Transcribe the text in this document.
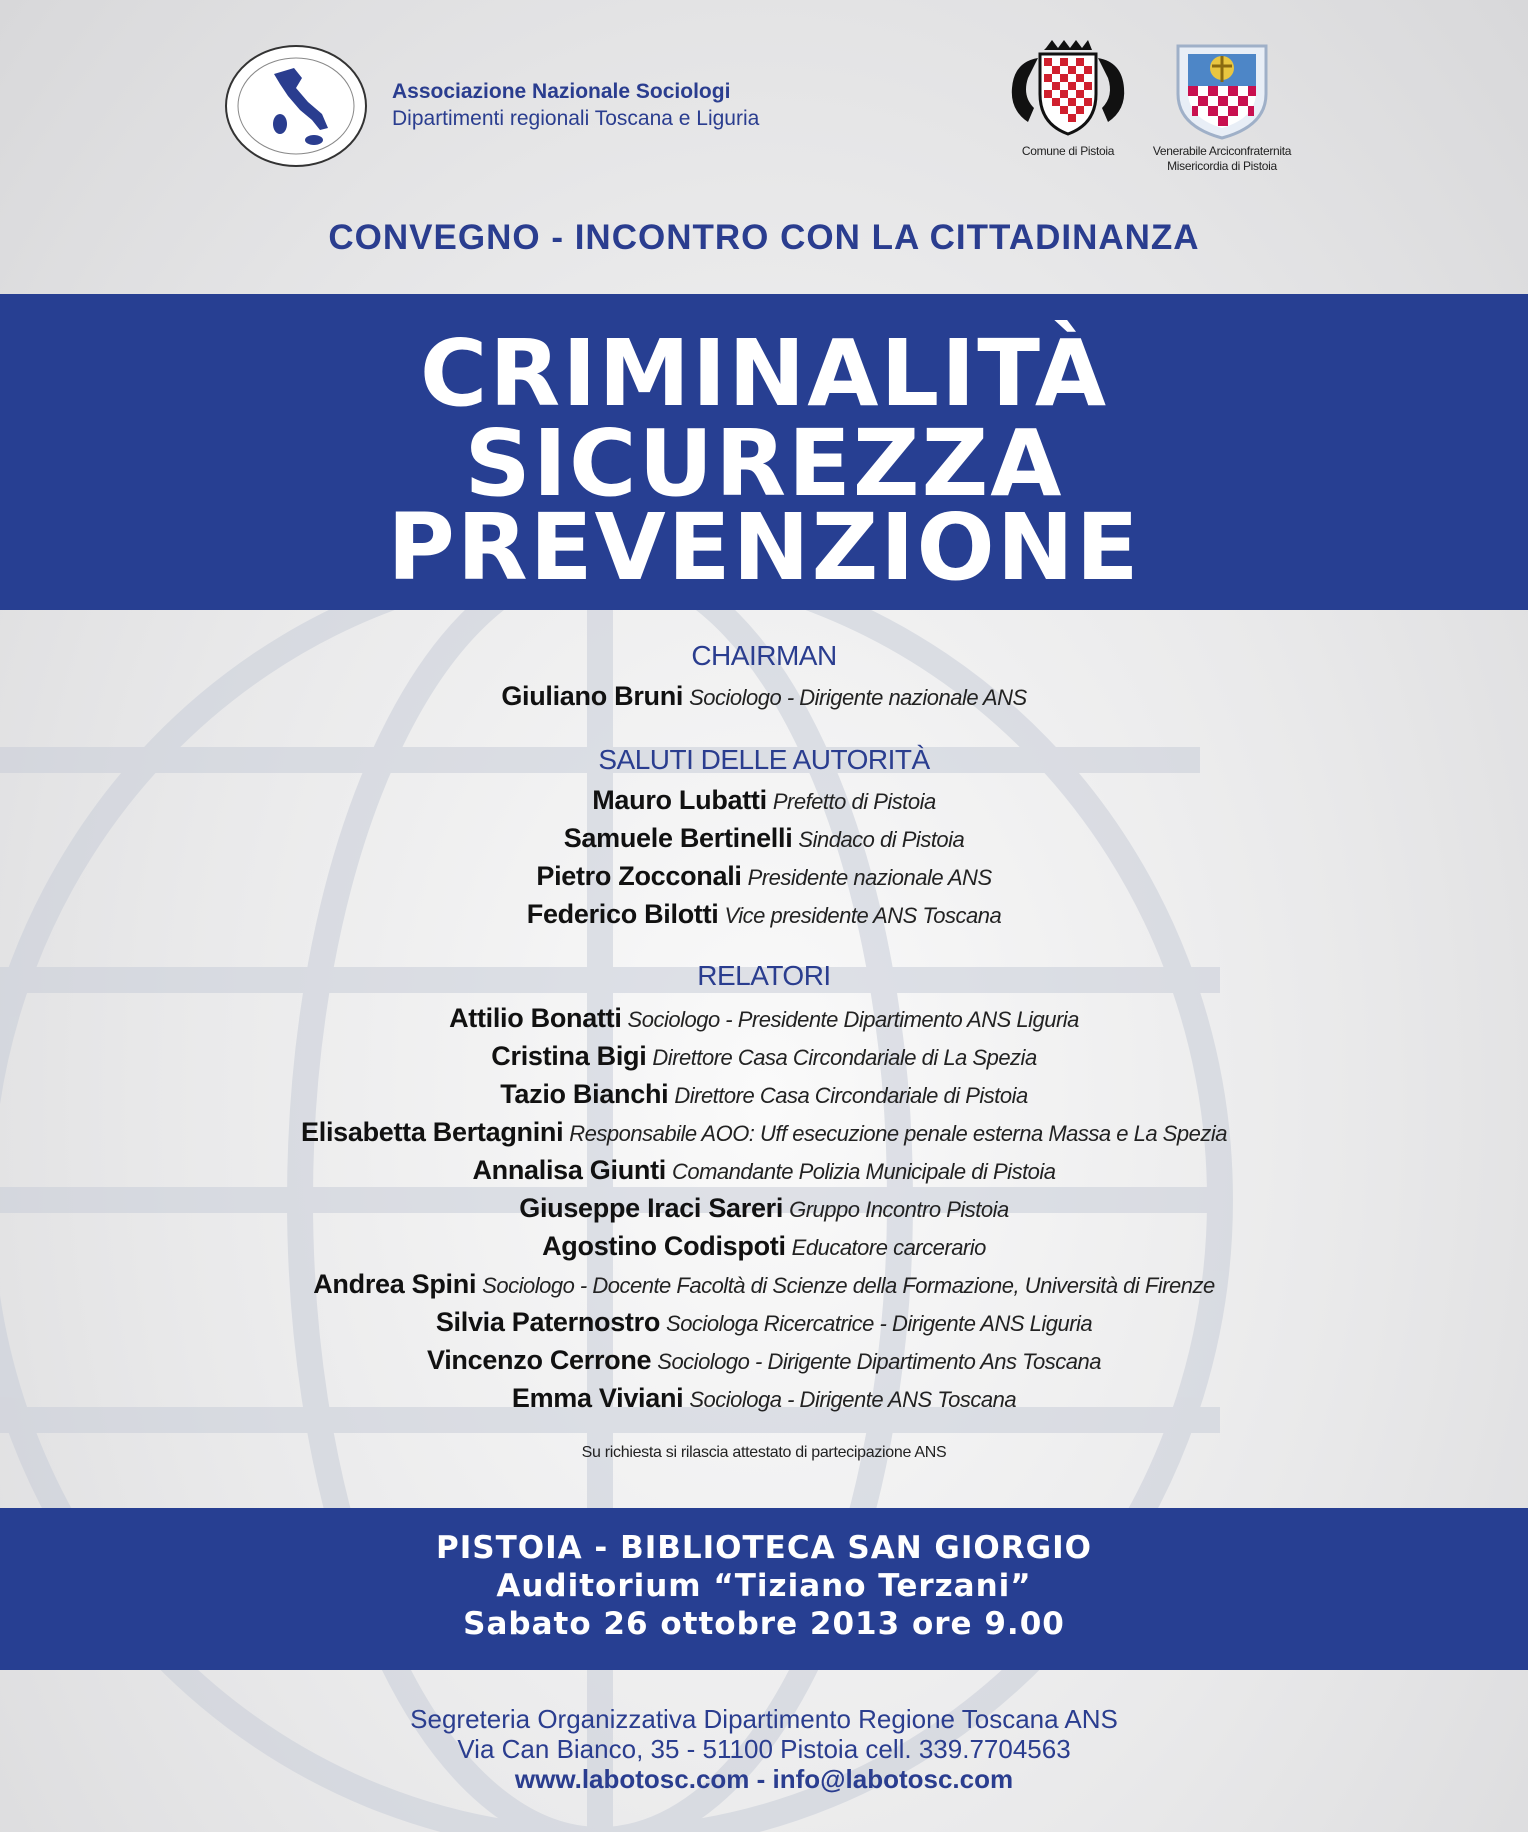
Associazione Nazionale Sociologi
Dipartimenti regionali Toscana e Liguria
Comune di Pistoia	Venerabile Arciconfraternita
Misericordia di Pistoia
CONVEGNO - INCONTRO CON LA CITTADINANZA
CRIMINALITÀ
SICUREZZA
PREVENZIONE
CHAIRMAN
Giuliano Bruni Sociologo - Dirigente nazionale ANS
SALUTI DELLE AUTORITÀ
Mauro Lubatti Prefetto di Pistoia
Samuele Bertinelli Sindaco di Pistoia
Pietro Zocconali Presidente nazionale ANS
Federico Bilotti Vice presidente ANS Toscana
RELATORI
Attilio Bonatti Sociologo - Presidente Dipartimento ANS Liguria
Cristina Bigi Direttore Casa Circondariale di La Spezia
Tazio Bianchi Direttore Casa Circondariale di Pistoia
Elisabetta Bertagnini Responsabile AOO: Uff esecuzione penale esterna Massa e La Spezia
Annalisa Giunti Comandante Polizia Municipale di Pistoia
Giuseppe Iraci Sareri Gruppo Incontro Pistoia
Agostino Codispoti Educatore carcerario
Andrea Spini Sociologo - Docente Facoltà di Scienze della Formazione, Università di Firenze
Silvia Paternostro Sociologa Ricercatrice - Dirigente ANS Liguria
Vincenzo Cerrone Sociologo - Dirigente Dipartimento Ans Toscana
Emma Viviani Sociologa - Dirigente ANS Toscana
Su richiesta si rilascia attestato di partecipazione ANS
PISTOIA - BIBLIOTECA SAN GIORGIO
Auditorium “Tiziano Terzani”
Sabato 26 ottobre 2013 ore 9.00
Segreteria Organizzativa Dipartimento Regione Toscana ANS
Via Can Bianco, 35 - 51100 Pistoia cell. 339.7704563
www.labotosc.com - info@labotosc.com
